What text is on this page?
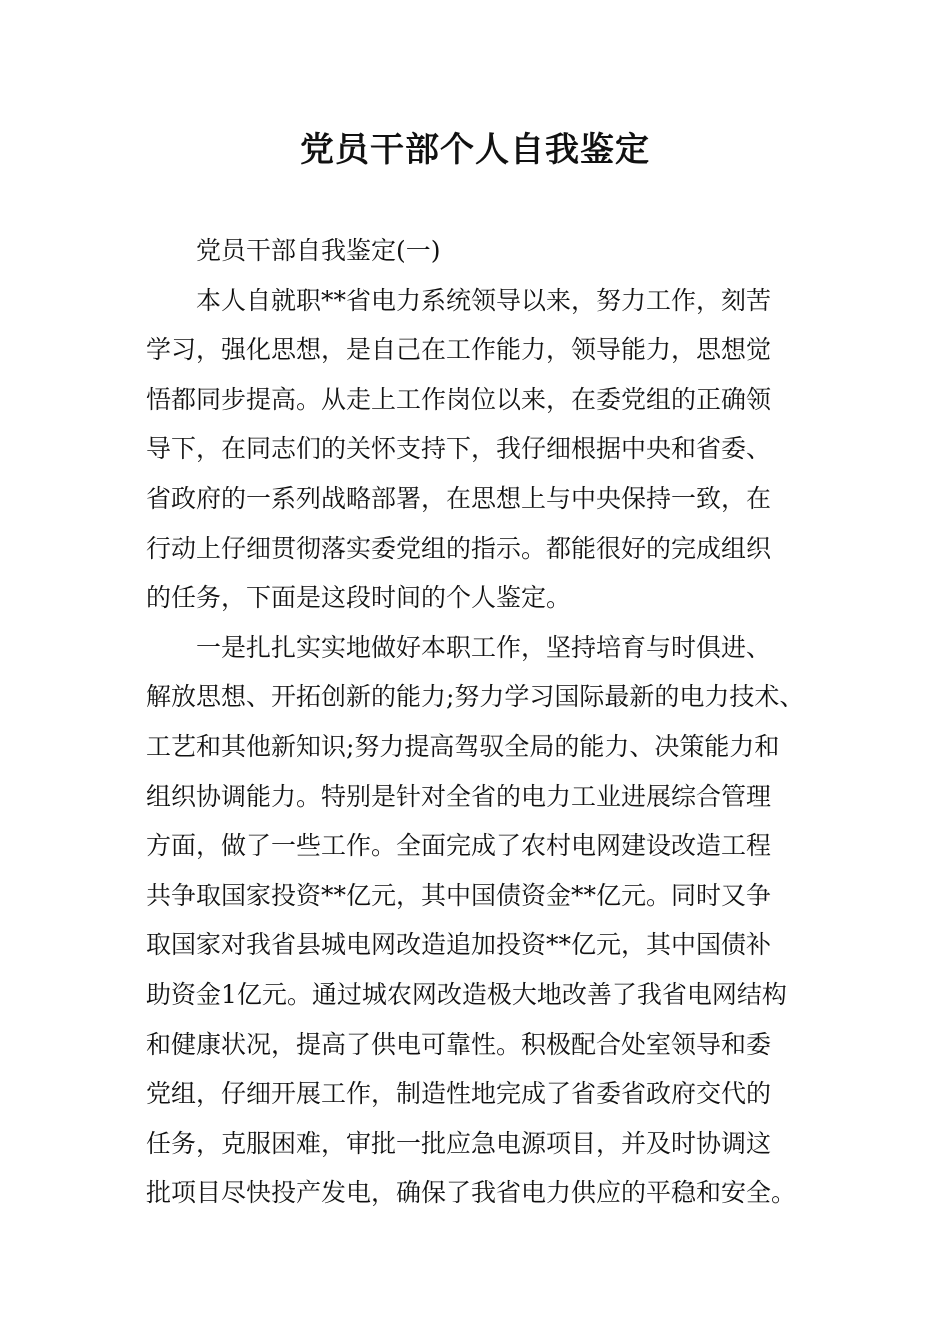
党员干部个人自我鉴定

党员干部自我鉴定(一)

本人自就职**省电力系统领导以来，努力工作，刻苦
学习，强化思想，是自己在工作能力，领导能力，思想觉
悟都同步提高。从走上工作岗位以来，在委党组的正确领
导下，在同志们的关怀支持下，我仔细根据中央和省委、
省政府的一系列战略部署，在思想上与中央保持一致，在
行动上仔细贯彻落实委党组的指示。都能很好的完成组织
的任务，下面是这段时间的个人鉴定。
一是扎扎实实地做好本职工作，坚持培育与时俱进、
解放思想、开拓创新的能力;努力学习国际最新的电力技术、
工艺和其他新知识;努力提高驾驭全局的能力、决策能力和
组织协调能力。特别是针对全省的电力工业进展综合管理
方面，做了一些工作。全面完成了农村电网建设改造工程
共争取国家投资**亿元，其中国债资金**亿元。同时又争
取国家对我省县城电网改造追加投资**亿元，其中国债补
助资金1亿元。通过城农网改造极大地改善了我省电网结构
和健康状况，提高了供电可靠性。积极配合处室领导和委
党组，仔细开展工作，制造性地完成了省委省政府交代的
任务，克服困难，审批一批应急电源项目，并及时协调这
批项目尽快投产发电，确保了我省电力供应的平稳和安全。
